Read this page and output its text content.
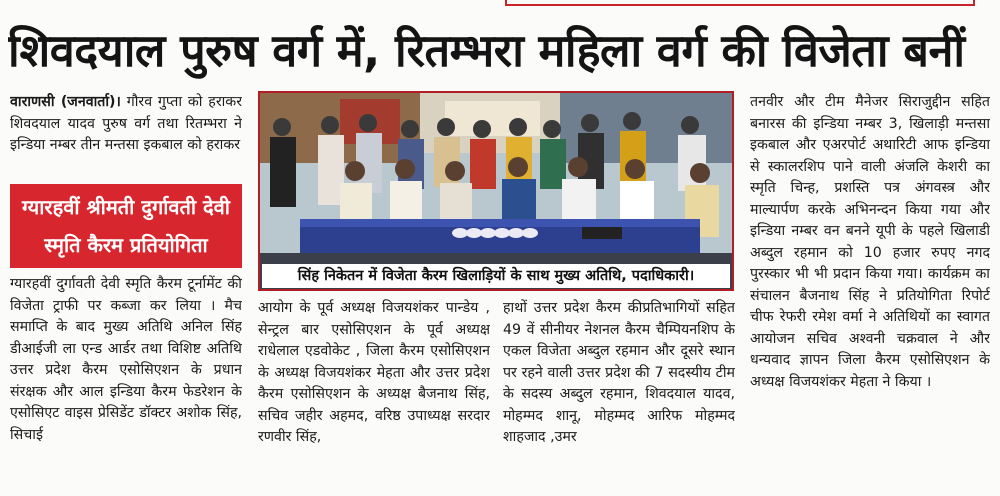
शिवदयाल पुरुष वर्ग में, रितम्भरा महिला वर्ग की विजेता बनीं

वाराणसी (जनवार्ता)। गौरव गुप्ता को हराकर शिवदयाल यादव पुरुष वर्ग तथा रितम्भरा ने इन्डिया नम्बर तीन मन्तसा इकबाल को हराकर

ग्यारहवीं श्रीमती दुर्गावती देवी स्मृति कैरम प्रतियोगिता

ग्यारहवीं दुर्गावती देवी स्मृति कैरम टूर्नामेंट की विजेता ट्राफी पर कब्जा कर लिया । मैच समाप्ति के बाद मुख्य अतिथि अनिल सिंह डीआईजी ला एन्ड आर्डर तथा विशिष्ट अतिथि उत्तर प्रदेश कैरम एसोसिएशन के प्रधान संरक्षक और आल इन्डिया कैरम फेडरेशन के एसोसिएट वाइस प्रेसिडेंट डॉक्टर अशोक सिंह, सिचाई

सिंह निकेतन में विजेता कैरम खिलाड़ियों के साथ मुख्य अतिथि, पदाधिकारी।

आयोग के पूर्व अध्यक्ष विजयशंकर पान्डेय , सेन्ट्रल बार एसोसिएशन के पूर्व अध्यक्ष राधेलाल एडवोकेट , जिला कैरम एसोसिएशन के अध्यक्ष विजयशंकर मेहता और उत्तर प्रदेश कैरम एसोसिएशन के अध्यक्ष बैजनाथ सिंह, सचिव जहीर अहमद, वरिष्ठ उपाध्यक्ष सरदार रणवीर सिंह,

हाथों उत्तर प्रदेश कैरम कीप्रतिभागियों सहित 49 वें सीनीयर नेशनल कैरम चैम्पियनशिप के एकल विजेता अब्दुल रहमान और दूसरे स्थान पर रहने वाली उत्तर प्रदेश की 7 सदस्यीय टीम के सदस्य अब्दुल रहमान, शिवदयाल यादव, मोहम्मद शानू, मोहम्मद आरिफ मोहम्मद शाहजाद ,उमर

तनवीर और टीम मैनेजर सिराजुद्दीन सहित बनारस की इन्डिया नम्बर 3, खिलाड़ी मन्तसा इकबाल और एअरपोर्ट अथारिटी आफ इन्डिया से स्कालरशिप पाने वाली अंजलि केशरी का स्मृति चिन्ह, प्रशस्ति पत्र अंगवस्त्र और माल्यार्पण करके अभिनन्दन किया गया और इन्डिया नम्बर वन बनने यूपी के पहले खिलाडी अब्दुल रहमान को 10 हजार रुपए नगद पुरस्कार भी भी प्रदान किया गया। कार्यक्रम का संचालन बैजनाथ सिंह ने प्रतियोगिता रिपोर्ट चीफ रेफरी रमेश वर्मा ने अतिथियों का स्वागत आयोजन सचिव अश्वनी चक्रवाल ने और धन्यवाद ज्ञापन जिला कैरम एसोसिएशन के अध्यक्ष विजयशंकर मेहता ने किया ।
